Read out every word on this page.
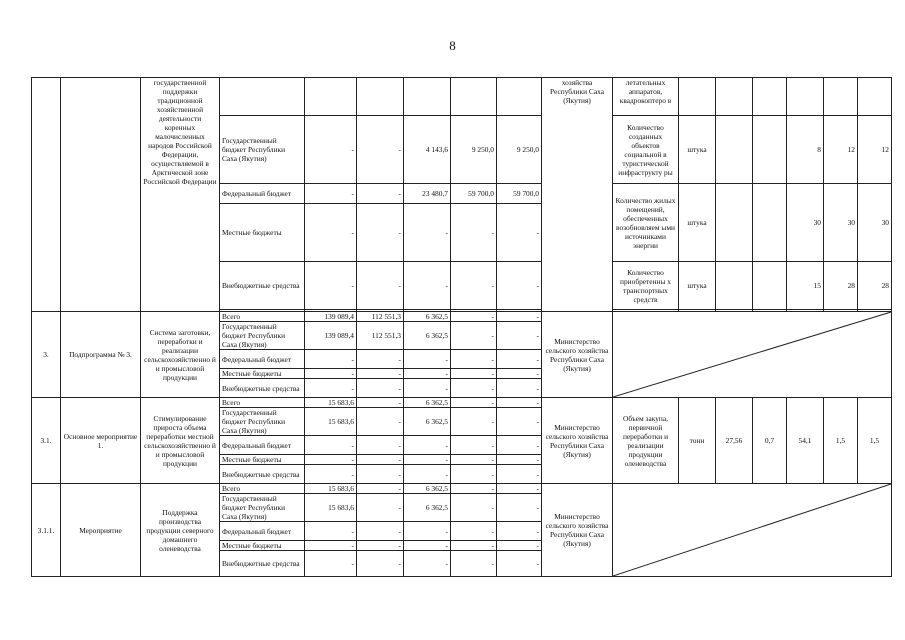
8
		государственной поддержки традиционной хозяйственной деятельности коренных малочисленных народов Российской Федерации, осуществляемой в Арктической зоне Российской Федерации							хозяйства Республики Саха (Якутия)	летательных аппаратов, квадрокоптеро в						
			Государственный бюджет Республики Саха (Якутия)	-	-	4 143,6	9 250,0	9 250,0		Количество созданных объектов социальной в туристической инфраструкту ры	штука			8	12	12
			Федеральный бюджет	-	-	23 480,7	59 700,0	59 700,0		Количество жилых помещений, обеспеченных возобновляем ыми источниками энергии	штука			30	30	30
			Местные бюджеты	-	-	-	-	-								
			Внебюджетные средства	-	-	-	-	-		Количество приобретенны х транспортных средств	штука			15	28	28

3.	Подпрограмма № 3.	Система заготовки, переработки и реализации сельскохозяйственно й и промысловой продукции	Всего	139 089,4	112 551,3	6 362,5	-	-	Министерство сельского хозяйства Республики Саха (Якутия)	

			Государственный бюджет Республики Саха (Якутия)	139 089,4	112 551,3	6 362,5	-	-								
			Федеральный бюджет	-	-	-	-	-								
			Местные бюджеты	-	-	-	-	-								
			Внебюджетные средства	-	-	-	-	-								
3.1.	Основное мероприятие 1.	Стимулирование прироста объема переработки местной сельскохозяйственно й и промысловой продукции	Всего	15 683,6	-	6 362,5	-	-	Министерство сельского хозяйства Республики Саха (Якутия)	Объем закупа, первичной переработки и реализации продукции оленеводства	тонн	27,56	0,7	54,1	1,5	1,5
			Государственный бюджет Республики Саха (Якутия)	15 683,6	-	6 362,5	-	-								
			Федеральный бюджет	-	-	-	-	-								
			Местные бюджеты	-	-	-	-	-								
			Внебюджетные средства	-	-	-	-	-								
3.1.1.	Мероприятие	Поддержка производства продукции северного домашнего оленеводства	Всего	15 683,6	-	6 362,5	-	-	Министерство сельского хозяйства Республики Саха (Якутия)	

			Государственный бюджет Республики Саха (Якутия)	15 683,6	-	6 362,5	-	-								
			Федеральный бюджет	-	-	-	-	-								
			Местные бюджеты	-	-	-	-	-								
			Внебюджетные средства	-	-	-	-	-								
